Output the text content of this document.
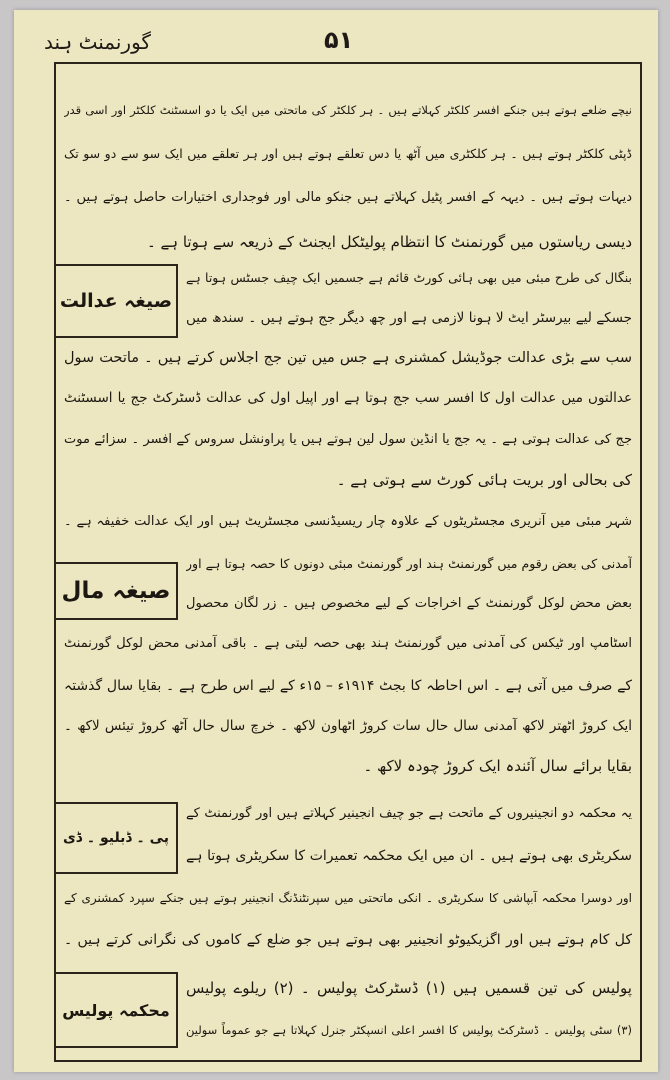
گورنمنٹ ہند	۵۱
نیچے ضلعے ہوتے ہیں جنکے افسر کلکٹر کہلاتے ہیں ۔ ہر کلکٹر کی ماتحتی میں ایک یا دو اسسٹنٹ کلکٹر اور اسی قدر
ڈپٹی کلکٹر ہوتے ہیں ۔ ہر کلکٹری میں آٹھ یا دس تعلقے ہوتے ہیں اور ہر تعلقے میں ایک سو سے دو سو تک
دیہات ہوتے ہیں ۔ دیہہ کے افسر پٹیل کہلاتے ہیں جنکو مالی اور فوجداری اختیارات حاصل ہوتے ہیں ۔
دیسی ریاستوں میں گورنمنٹ کا انتظام پولیٹکل ایجنٹ کے ذریعہ سے ہوتا ہے ۔
بنگال کی طرح مبئی میں بھی ہائی کورٹ قائم ہے جسمیں ایک چیف جسٹس ہوتا ہے
جسکے لیے بیرسٹر ایٹ لا ہونا لازمی ہے اور چھ دیگر جج ہوتے ہیں ۔ سندھ میں
صیغہ عدالت
سب سے بڑی عدالت جوڈیشل کمشنری ہے جس میں تین جج اجلاس کرتے ہیں ۔ ماتحت سول
عدالتوں میں عدالت اول کا افسر سب جج ہوتا ہے اور اپیل اول کی عدالت ڈسٹرکٹ جج یا اسسٹنٹ
جج کی عدالت ہوتی ہے ۔ یہ جج یا انڈین سول لین ہوتے ہیں یا پراونشل سروس کے افسر ۔ سزائے موت
کی بحالی اور بریت ہائی کورٹ سے ہوتی ہے ۔
شہر مبئی میں آنریری مجسٹریٹوں کے علاوہ چار ریسیڈنسی مجسٹریٹ ہیں اور ایک عدالت خفیفہ ہے ۔
آمدنی کی بعض رقوم میں گورنمنٹ ہند اور گورنمنٹ مبئی دونوں کا حصہ ہوتا ہے اور
بعض محض لوکل گورنمنٹ کے اخراجات کے لیے مخصوص ہیں ۔ زر لگان محصول
صیغہ مال
اسٹامپ اور ٹیکس کی آمدنی میں گورنمنٹ ہند بھی حصہ لیتی ہے ۔ باقی آمدنی محض لوکل گورنمنٹ
کے صرف میں آتی ہے ۔ اس احاطہ کا بجٹ ۱۹۱۴ء – ۱۵ء کے لیے اس طرح ہے ۔ بقایا سال گذشتہ
ایک کروڑ اٹھتر لاکھ آمدنی سال حال سات کروڑ اٹھاون لاکھ ۔ خرچ سال حال آٹھ کروڑ تیئس لاکھ ۔
بقایا برائے سال آئندہ ایک کروڑ چودہ لاکھ ۔
یہ محکمہ دو انجینیروں کے ماتحت ہے جو چیف انجینیر کہلاتے ہیں اور گورنمنٹ کے
سکریٹری بھی ہوتے ہیں ۔ ان میں ایک محکمہ تعمیرات کا سکریٹری ہوتا ہے
پی ۔ ڈبلیو ۔ ڈی
اور دوسرا محکمہ آبپاشی کا سکریٹری ۔ انکی ماتحتی میں سپرنٹنڈنگ انجینیر ہوتے ہیں جنکے سپرد کمشنری کے
کل کام ہوتے ہیں اور اگزیکیوٹو انجینیر بھی ہوتے ہیں جو ضلع کے کاموں کی نگرانی کرتے ہیں ۔
پولیس کی تین قسمیں ہیں (۱) ڈسٹرکٹ پولیس ۔ (۲) ریلوے پولیس
(۳) سٹی پولیس ۔ ڈسٹرکٹ پولیس کا افسر اعلی انسپکٹر جنرل کہلاتا ہے جو عموماً سولین
محکمہ پولیس
